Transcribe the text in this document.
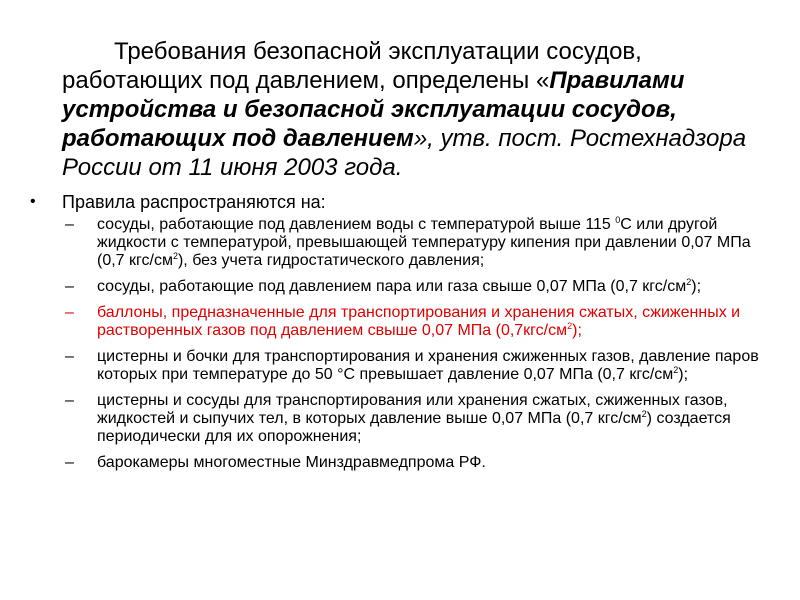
Требования безопасной эксплуатации сосудов, работающих под давлением, определены «Правилами устройства и безопасной эксплуатации сосудов, работающих под давлением», утв. пост. Ростехнадзора России от 11 июня 2003 года.

• Правила распространяются на:
– сосуды, работающие под давлением воды с температурой выше 115 $^0$С или другой жидкости с температурой, превышающей температуру кипения при давлении 0,07 МПа (0,7 кгс/$см^2$), без учета гидростатического давления;
– сосуды, работающие под давлением пара или газа свыше 0,07 МПа (0,7 кгс/$см^2$);
– баллоны, предназначенные для транспортирования и хранения сжатых, сжиженных и растворенных газов под давлением свыше 0,07 МПа $(0,7кгс/см^2)$;
– цистерны и бочки для транспортирования и хранения сжиженных газов, давление паров которых при температуре до 50 °С превышает давление 0,07 МПа (0,7 кгс/$см^2$);
– цистерны и сосуды для транспортирования или хранения сжатых, сжиженных газов, жидкостей и сыпучих тел, в которых давление выше 0,07 МПа (0,7 кгс/$см^2$) создается периодически для их опорожнения;
– барокамеры многоместные Минздравмедпрома РФ.
